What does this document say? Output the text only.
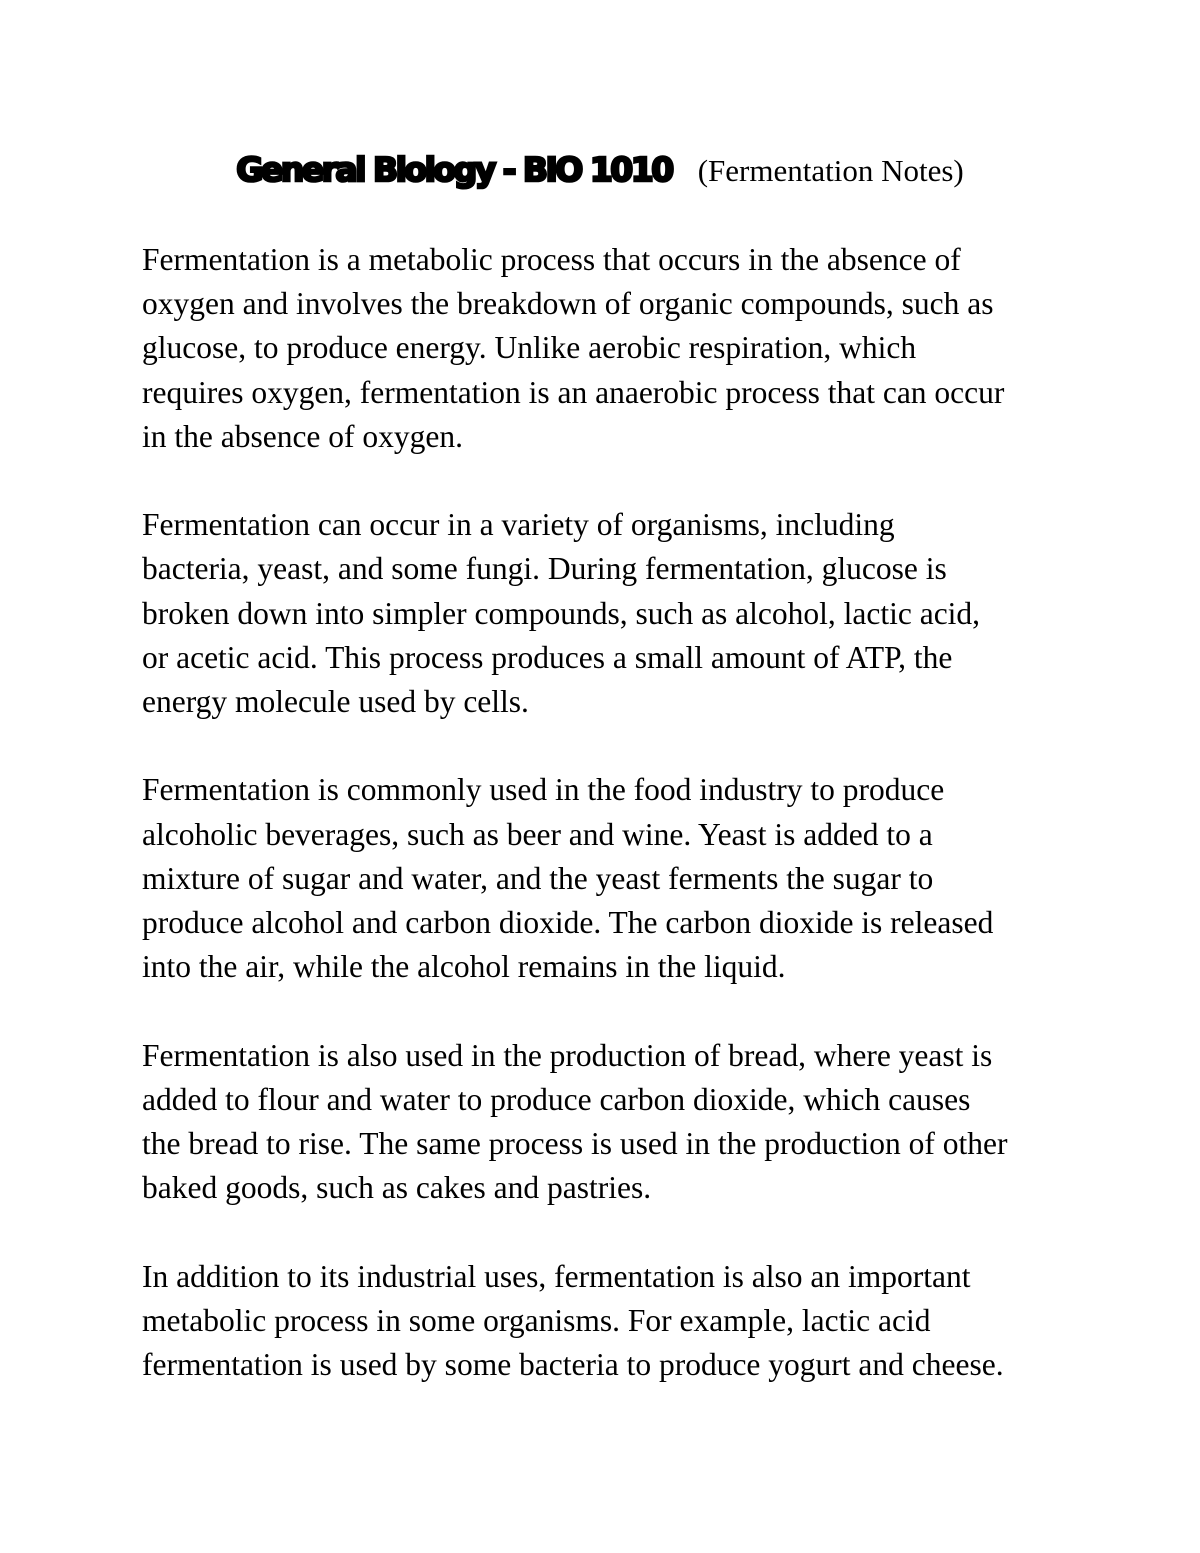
General Biology - BIO 1010 (Fermentation Notes)
Fermentation is a metabolic process that occurs in the absence of
oxygen and involves the breakdown of organic compounds, such as
glucose, to produce energy. Unlike aerobic respiration, which
requires oxygen, fermentation is an anaerobic process that can occur
in the absence of oxygen.
Fermentation can occur in a variety of organisms, including
bacteria, yeast, and some fungi. During fermentation, glucose is
broken down into simpler compounds, such as alcohol, lactic acid,
or acetic acid. This process produces a small amount of ATP, the
energy molecule used by cells.
Fermentation is commonly used in the food industry to produce
alcoholic beverages, such as beer and wine. Yeast is added to a
mixture of sugar and water, and the yeast ferments the sugar to
produce alcohol and carbon dioxide. The carbon dioxide is released
into the air, while the alcohol remains in the liquid.
Fermentation is also used in the production of bread, where yeast is
added to flour and water to produce carbon dioxide, which causes
the bread to rise. The same process is used in the production of other
baked goods, such as cakes and pastries.
In addition to its industrial uses, fermentation is also an important
metabolic process in some organisms. For example, lactic acid
fermentation is used by some bacteria to produce yogurt and cheese.
